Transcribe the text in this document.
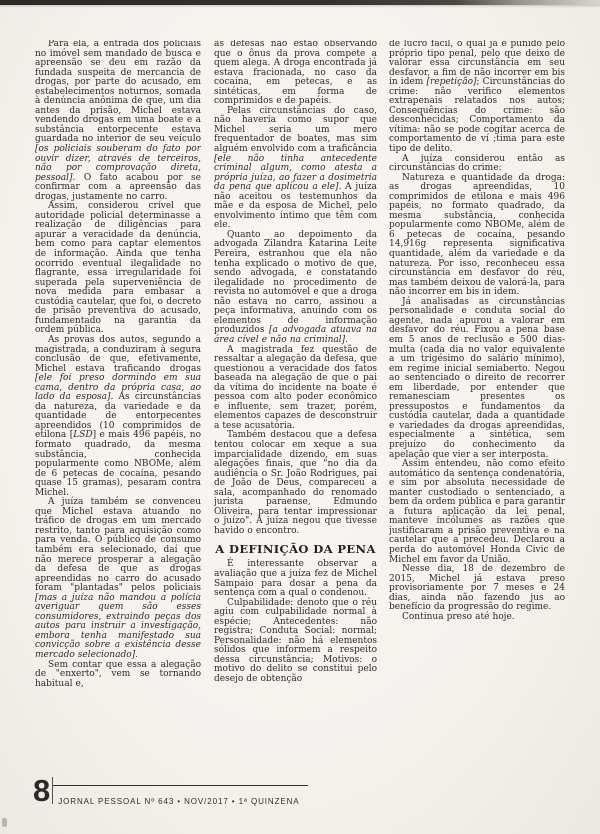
Para ela, a entrada dos policiais no imóvel sem mandado de busca e apreensão se deu em razão da fundada suspeita de mercancia de drogas, por parte do acusado, em estabelecimentos noturnos, somada à denúncia anônima de que, um dia antes da prisão, Michel estava vendendo drogas em uma boate e a substância entorpecente estava guardada no interior de seu veículo [os policiais souberam do fato por ouvir dizer, através de terceiros, não por comprovação direta, pessoal]. O fato acabou por se confirmar com a apreensão das drogas, justamente no carro.

Assim, considerou crível que autoridade policial determinasse a realização de diligências para apurar a veracidade da denúncia, bem como para captar elementos de informação. Ainda que tenha ocorrido eventual ilegalidade no flagrante, essa irregularidade foi superada pela superveniência de nova medida para embasar a custódia cautelar, que foi, o decreto de prisão preventiva do acusado, fundamentado na garantia da ordem pública.

As provas dos autos, segundo a magistrada, a conduziram à segura conclusão de que, efetivamente, Michel estava traficando drogas [ele foi preso dormindo em sua cama, dentro da própria casa, ao lado da esposa]. As circunstâncias da natureza, da variedade e da quantidade de entorpecentes apreendidos (10 comprimidos de etilona [LSD] e mais 496 papéis, no formato quadrado, da mesma substância, conhecida popularmente como NBOMe, além de 6 petecas de cocaína, pesando quase 15 gramas), pesaram contra Michel.

A juíza também se convenceu que Michel estava atuando no tráfico de drogas em um mercado restrito, tanto para aquisição como para venda. O público de consumo também era selecionado, daí que não merece prosperar a alegação da defesa de que as drogas apreendidas no carro do acusado foram "plantadas" pelos policiais [mas a juíza não mandou a polícia averiguar quem são esses consumidores, extraindo peças dos autos para instruir a investigação, embora tenha manifestado sua convicção sobre a existência desse mercado selecionado].

Sem contar que essa a alegação de "enxerto", vem se tornando habitual e,

as defesas não estão observando que o ônus da prova compete a quem alega. A droga encontrada já estava fracionada, no caso da cocaína, em petecas, e as sintéticas, em forma de comprimidos e de papéis.

Pelas circunstâncias do caso, não haveria como supor que Michel seria um mero frequentador de boates, mas sim alguém envolvido com a traficância [ele não tinha antecedente criminal algum, como atesta a própria juíza, ao fazer a dosimetria da pena que aplicou a ele]. A juíza não aceitou os testemunhos da mãe e da esposa de Michel, pelo envolvimento íntimo que têm com ele.

Quanto ao depoimento da advogada Zilandra Katarina Leite Pereira, estranhou que ela não tenha explicado o motivo de que, sendo advogada, e constatando ilegalidade no procedimento de revista no automóvel e que a droga não estava no carro, assinou a peça informativa, anuindo com os elementos de informação produzidos [a advogada atuava na área cível e não na criminal].

A magistrada fez questão de ressaltar a alegação da defesa, que questionou a veracidade dos fatos baseada na alegação de que o pai da vítima do incidente na boate é pessoa com alto poder econômico e influente, sem trazer, porém, elementos capazes de desconstruir a tese acusatória.

Também destacou que a defesa tentou colocar em xeque a sua imparcialidade dizendo, em suas alegações finais, que "no dia da audiência o Sr. João Rodrigues, pai de João de Deus, compareceu a sala, acompanhado do renomado jurista paraense, Edmundo Oliveira, para tentar impressionar o juízo". A juíza negou que tivesse havido o encontro.

A DEFINIÇÃO DA PENA

É interessante observar a avaliação que a juíza fez de Michel Sampaio para dosar a pena da sentença com a qual o condenou.

Culpabilidade: denoto que o réu agiu com culpabilidade normal à espécie; Antecedentes: não registra; Conduta Social: normal; Personalidade: não há elementos sólidos que informem a respeito dessa circunstância; Motivos: o motivo do delito se constitui pelo desejo de obtenção

de lucro fácil, o qual já é punido pelo próprio tipo penal, pelo que deixo de valorar essa circunstância em seu desfavor, a fim de não incorrer em bis in idem [repetição]; Circunstâncias do crime: não verifico elementos extrapenais relatados nos autos; Consequências do crime: são desconhecidas; Comportamento da vítima: não se pode cogitar acerca de comportamento de ví ;tima para este tipo de delito.

A juíza considerou então as circunstâncias do crime:

Natureza e quantidade da droga: as drogas apreendidas, 10 comprimidos de etilona e mais 496 papéis, no formato quadrado, da mesma substância, conhecida popularmente como NBOMe, além de 6 petecas de cocaína, pesando 14,916g representa significativa quantidade, além da variedade e da natureza. Por isso, reconheceu essa circunstância em desfavor do réu, mas também deixou de valorá-la, para não incorrer em bis in idem.

Já analisadas as circunstâncias personalidade e conduta social do agente, nada apurou a valorar em desfavor do réu. Fixou a pena base em 5 anos de reclusão e 500 dias-multa (cada dia no valor equivalente a um trigésimo do salário mínimo), em regime inicial semiaberto. Negou ao sentenciado o direito de recorrer em liberdade, por entender que remanesciam presentes os pressupostos e fundamentos da custódia cautelar, dada a quantidade e variedades da drogas apreendidas, especialmente a sintética, sem prejuízo do conhecimento da apelação que vier a ser interposta.

Assim entendeu, não como efeito automático da sentença condenatória, e sim por absoluta necessidade de manter custodiado o sentenciado, a bem da ordem pública e para garantir a futura aplicação da lei penal, manteve incólumes as razões que justificaram a prisão preventiva e na cautelar que a precedeu. Declarou a perda do automóvel Honda Civic de Michel em favor da União.

Nesse dia, 18 de dezembro de 2015, Michel já estava preso provisoriamente por 7 meses e 24 dias, ainda não fazendo jus ao benefício da progressão do regime.

Continua preso até hoje.

8	JORNAL PESSOAL Nº 643 • NOV/2017 • 1ª QUINZENA
